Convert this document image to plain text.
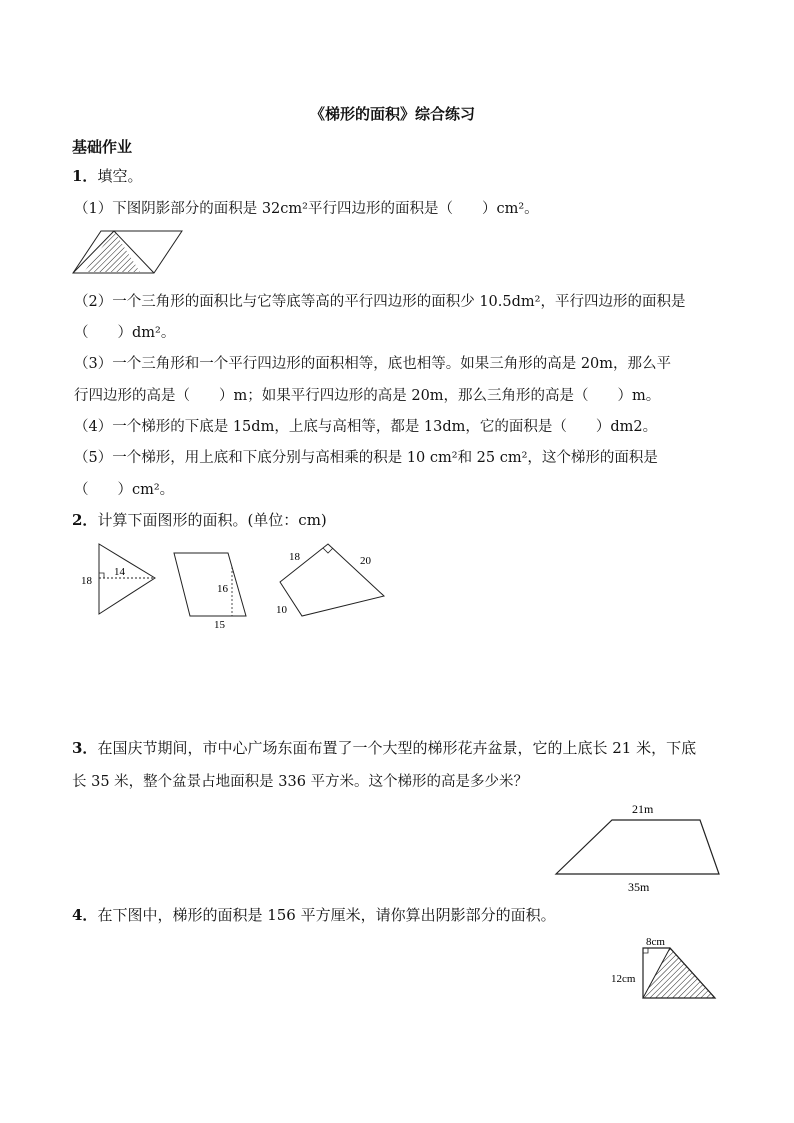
《梯形的面积》综合练习
基础作业
1．填空。
（1）下图阴影部分的面积是 32cm²平行四边形的面积是（　　）cm²。
（2）一个三角形的面积比与它等底等高的平行四边形的面积少 10.5dm²，平行四边形的面积是
（　　）dm²。
（3）一个三角形和一个平行四边形的面积相等，底也相等。如果三角形的高是 20m，那么平
行四边形的高是（　　）m；如果平行四边形的高是 20m，那么三角形的高是（　　）m。
（4）一个梯形的下底是 15dm，上底与高相等，都是 13dm，它的面积是（　　）dm2。
（5）一个梯形，用上底和下底分别与高相乘的积是 10 cm²和 25 cm²，这个梯形的面积是
（　　）cm²。
2．计算下面图形的面积。(单位：cm)
18
14
16
15
18	20
10
3．在国庆节期间，市中心广场东面布置了一个大型的梯形花卉盆景，它的上底长 21 米，下底
长 35 米，整个盆景占地面积是 336 平方米。这个梯形的高是多少米？
21m
35m
4．在下图中，梯形的面积是 156 平方厘米，请你算出阴影部分的面积。
8cm
12cm
